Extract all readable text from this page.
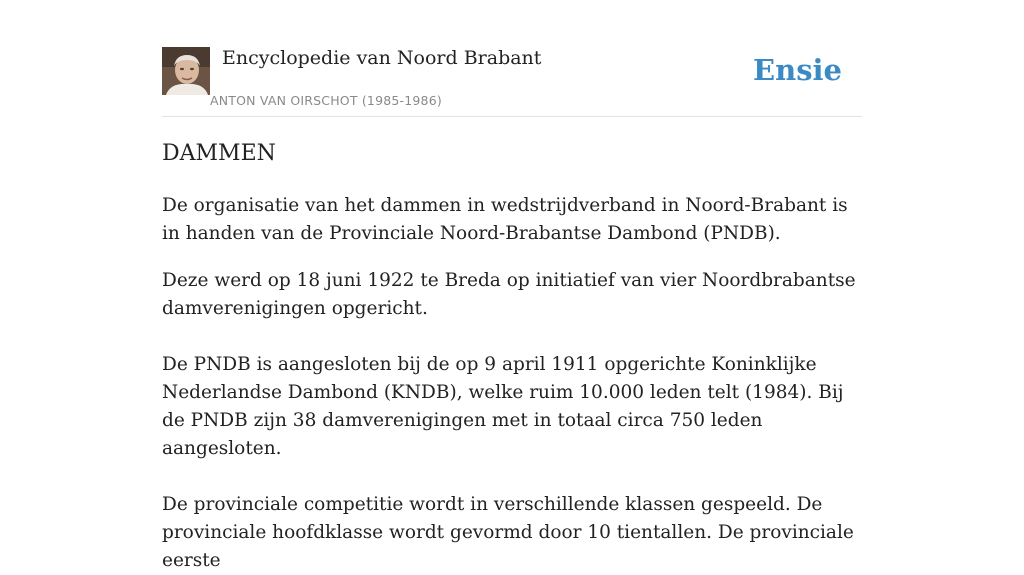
Encyclopedie van Noord Brabant
ANTON VAN OIRSCHOT (1985-1986)
Ensie
DAMMEN

De organisatie van het dammen in wedstrijdverband in Noord-Brabant is in handen van de Provinciale Noord-Brabantse Dambond (PNDB).

Deze werd op 18 juni 1922 te Breda op initiatief van vier Noordbrabantse damverenigingen opgericht.

De PNDB is aangesloten bij de op 9 april 1911 opgerichte Koninklijke Nederlandse Dambond (KNDB), welke ruim 10.000 leden telt (1984). Bij de PNDB zijn 38 damverenigingen met in totaal circa 750 leden aangesloten.

De provinciale competitie wordt in verschillende klassen gespeeld. De provinciale hoofdklasse wordt gevormd door 10 tientallen. De provinciale eerste
